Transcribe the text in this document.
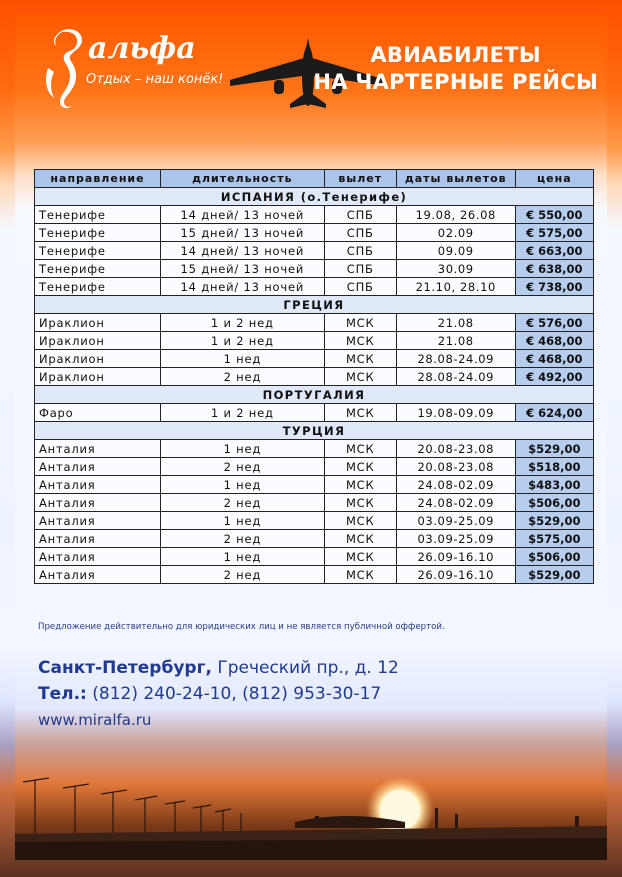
альфа
Отдых – наш конёк!
АВИАБИЛЕТЫ
НА ЧАРТЕРНЫЕ РЕЙСЫ
направление	длительность	вылет	даты вылетов	цена
ИСПАНИЯ (о.Тенерифе)				
Тенерифе	14 дней/ 13 ночей	СПБ	19.08, 26.08	€ 550,00
Тенерифе	15 дней/ 13 ночей	СПБ	02.09	€ 575,00
Тенерифе	14 дней/ 13 ночей	СПБ	09.09	€ 663,00
Тенерифе	15 дней/ 13 ночей	СПБ	30.09	€ 638,00
Тенерифе	14 дней/ 13 ночей	СПБ	21.10, 28.10	€ 738,00
ГРЕЦИЯ				
Ираклион	1 и 2 нед	МСК	21.08	€ 576,00
Ираклион	1 и 2 нед	МСК	21.08	€ 468,00
Ираклион	1 нед	МСК	28.08-24.09	€ 468,00
Ираклион	2 нед	МСК	28.08-24.09	€ 492,00
ПОРТУГАЛИЯ				
Фаро	1 и 2 нед	МСК	19.08-09.09	€ 624,00
ТУРЦИЯ				
Анталия	1 нед	МСК	20.08-23.08	$529,00
Анталия	2 нед	МСК	20.08-23.08	$518,00
Анталия	1 нед	МСК	24.08-02.09	$483,00
Анталия	2 нед	МСК	24.08-02.09	$506,00
Анталия	1 нед	МСК	03.09-25.09	$529,00
Анталия	2 нед	МСК	03.09-25.09	$575,00
Анталия	1 нед	МСК	26.09-16.10	$506,00
Анталия	2 нед	МСК	26.09-16.10	$529,00
Предложение действительно для юридических лиц и не является публичной оффертой.
Санкт-Петербург, Греческий пр., д. 12
Тел.: (812) 240-24-10, (812) 953-30-17
www.miralfa.ru
